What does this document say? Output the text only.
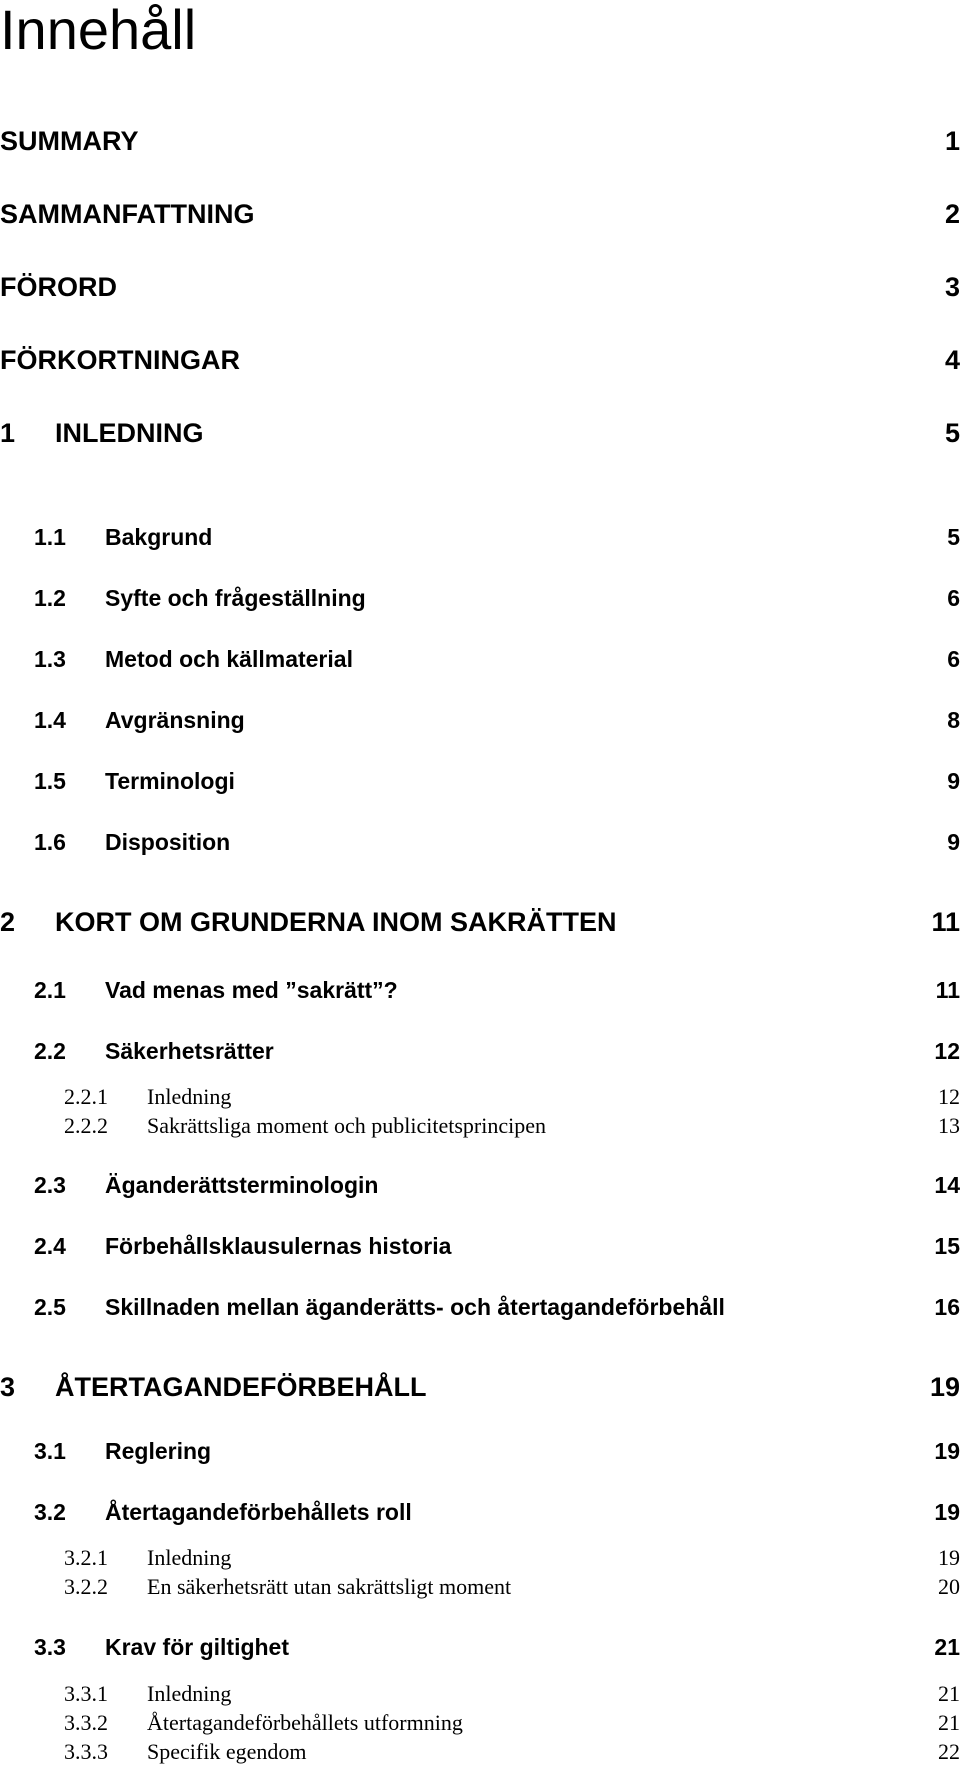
Innehåll
SUMMARY	1
SAMMANFATTNING	2
FÖRORD	3
FÖRKORTNINGAR	4
1 INLEDNING	5
1.1 Bakgrund	5
1.2 Syfte och frågeställning	6
1.3 Metod och källmaterial	6
1.4 Avgränsning	8
1.5 Terminologi	9
1.6 Disposition	9
2 KORT OM GRUNDERNA INOM SAKRÄTTEN	11
2.1 Vad menas med ”sakrätt”?	11
2.2 Säkerhetsrätter	12
2.2.1 Inledning	12
2.2.2 Sakrättsliga moment och publicitetsprincipen	13
2.3 Äganderättsterminologin	14
2.4 Förbehållsklausulernas historia	15
2.5 Skillnaden mellan äganderätts- och återtagandeförbehåll	16
3 ÅTERTAGANDEFÖRBEHÅLL	19
3.1 Reglering	19
3.2 Återtagandeförbehållets roll	19
3.2.1 Inledning	19
3.2.2 En säkerhetsrätt utan sakrättsligt moment	20
3.3 Krav för giltighet	21
3.3.1 Inledning	21
3.3.2 Återtagandeförbehållets utformning	21
3.3.3 Specifik egendom	22
